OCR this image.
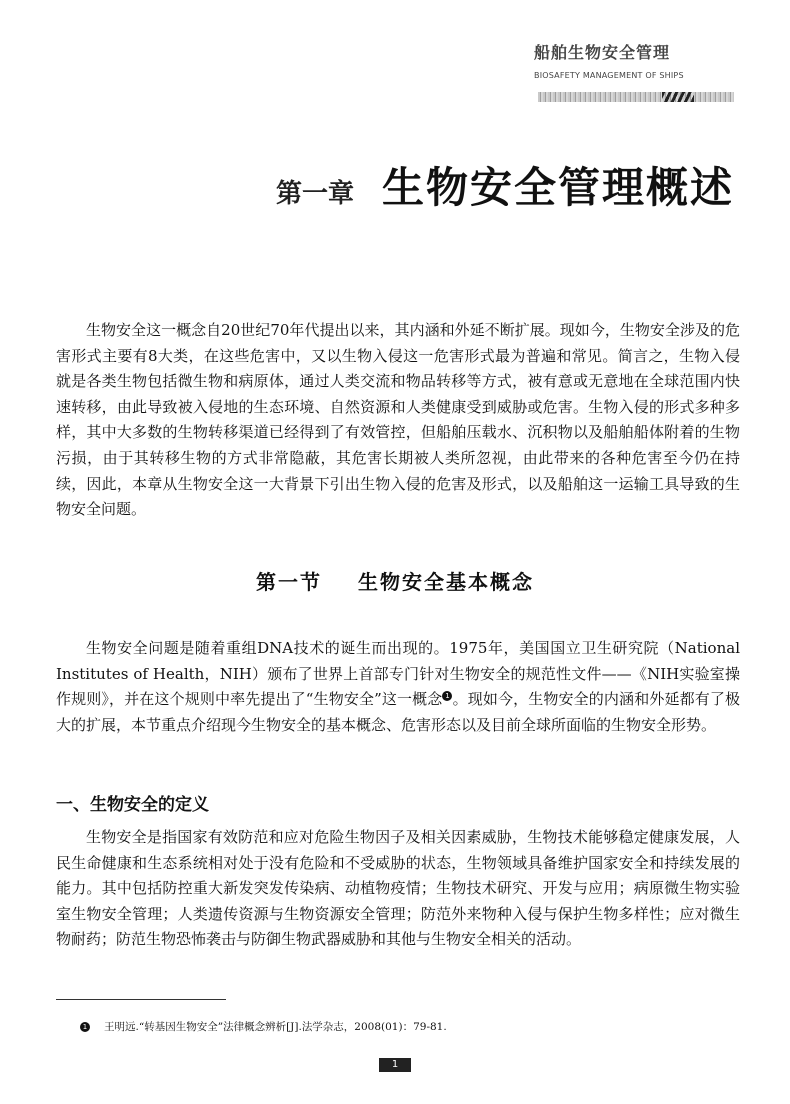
船舶生物安全管理
BIOSAFETY MANAGEMENT OF SHIPS
第一章 生物安全管理概述

生物安全这一概念自20世纪70年代提出以来，其内涵和外延不断扩展。现如今，生物安全涉及的危害形式主要有8大类，在这些危害中，又以生物入侵这一危害形式最为普遍和常见。简言之，生物入侵就是各类生物包括微生物和病原体，通过人类交流和物品转移等方式，被有意或无意地在全球范围内快速转移，由此导致被入侵地的生态环境、自然资源和人类健康受到威胁或危害。生物入侵的形式多种多样，其中大多数的生物转移渠道已经得到了有效管控，但船舶压载水、沉积物以及船舶船体附着的生物污损，由于其转移生物的方式非常隐蔽，其危害长期被人类所忽视，由此带来的各种危害至今仍在持续，因此，本章从生物安全这一大背景下引出生物入侵的危害及形式，以及船舶这一运输工具导致的生物安全问题。

第一节 生物安全基本概念

生物安全问题是随着重组DNA技术的诞生而出现的。1975年，美国国立卫生研究院（National Institutes of Health，NIH）颁布了世界上首部专门针对生物安全的规范性文件——《NIH实验室操作规则》，并在这个规则中率先提出了“生物安全”这一概念 1 。现如今，生物安全的内涵和外延都有了极大的扩展，本节重点介绍现今生物安全的基本概念、危害形态以及目前全球所面临的生物安全形势。

一、生物安全的定义

生物安全是指国家有效防范和应对危险生物因子及相关因素威胁，生物技术能够稳定健康发展，人民生命健康和生态系统相对处于没有危险和不受威胁的状态，生物领域具备维护国家安全和持续发展的能力。其中包括防控重大新发突发传染病、动植物疫情；生物技术研究、开发与应用；病原微生物实验室生物安全管理；人类遗传资源与生物资源安全管理；防范外来物种入侵与保护生物多样性；应对微生物耐药；防范生物恐怖袭击与防御生物武器威胁和其他与生物安全相关的活动。

1 王明远.“转基因生物安全”法律概念辨析[J].法学杂志，2008(01)：79-81.
1
